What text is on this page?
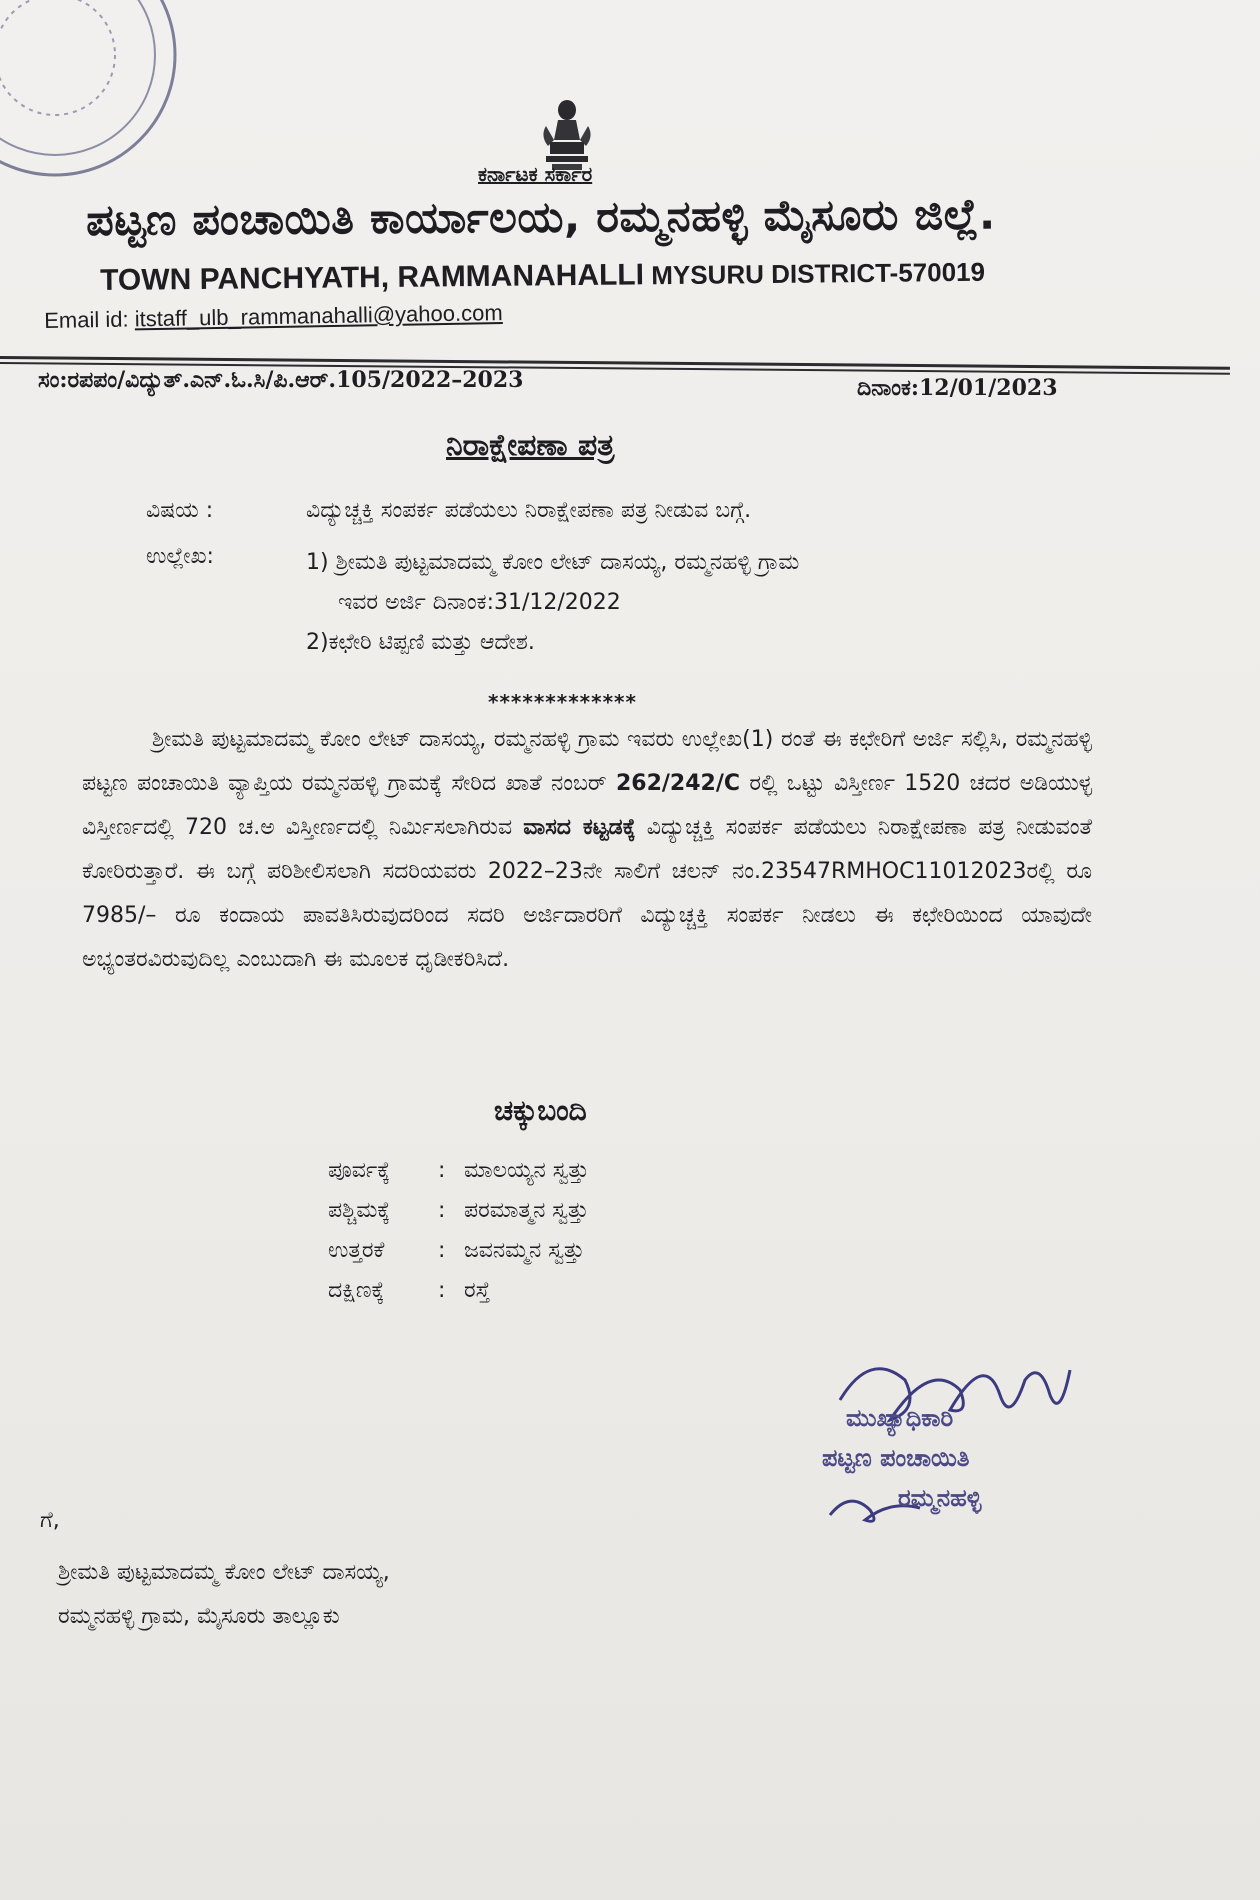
ಕರ್ನಾಟಕ ಸರ್ಕಾರ
ಪಟ್ಟಣ ಪಂಚಾಯಿತಿ ಕಾರ್ಯಾಲಯ, ರಮ್ಮನಹಳ್ಳಿ ಮೈಸೂರು ಜಿಲ್ಲೆ.
TOWN PANCHYATH, RAMMANAHALLI MYSURU DISTRICT-570019
Email id: itstaff_ulb_rammanahalli@yahoo.com
ಸಂ:ರಪಪಂ/ವಿದ್ಯುತ್.ಎನ್.ಓ.ಸಿ/ಪಿ.ಆರ್.105/2022–2023	ದಿನಾಂಕ:12/01/2023
ನಿರಾಕ್ಷೇಪಣಾ ಪತ್ರ
ವಿಷಯ :	ವಿದ್ಯುಚ್ಚಕ್ತಿ ಸಂಪರ್ಕ ಪಡೆಯಲು ನಿರಾಕ್ಷೇಪಣಾ ಪತ್ರ ನೀಡುವ ಬಗ್ಗೆ.
ಉಲ್ಲೇಖ:	1) ಶ್ರೀಮತಿ ಪುಟ್ಟಮಾದಮ್ಮ ಕೋಂ ಲೇಟ್ ದಾಸಯ್ಯ, ರಮ್ಮನಹಳ್ಳಿ ಗ್ರಾಮ
ಇವರ ಅರ್ಜಿ ದಿನಾಂಕ:31/12/2022
2)ಕಛೇರಿ ಟಿಪ್ಪಣಿ ಮತ್ತು ಆದೇಶ.
*************
ಶ್ರೀಮತಿ ಪುಟ್ಟಮಾದಮ್ಮ ಕೋಂ ಲೇಟ್ ದಾಸಯ್ಯ, ರಮ್ಮನಹಳ್ಳಿ ಗ್ರಾಮ ಇವರು ಉಲ್ಲೇಖ(1) ರಂತೆ ಈ ಕಛೇರಿಗೆ ಅರ್ಜಿ ಸಲ್ಲಿಸಿ, ರಮ್ಮನಹಳ್ಳಿ ಪಟ್ಟಣ ಪಂಚಾಯಿತಿ ವ್ಯಾಪ್ತಿಯ ರಮ್ಮನಹಳ್ಳಿ ಗ್ರಾಮಕ್ಕೆ ಸೇರಿದ ಖಾತೆ ನಂಬರ್ 262/242/C ರಲ್ಲಿ ಒಟ್ಟು ವಿಸ್ತೀರ್ಣ 1520 ಚದರ ಅಡಿಯುಳ್ಳ ವಿಸ್ತೀರ್ಣದಲ್ಲಿ 720 ಚ.ಅ ವಿಸ್ತೀರ್ಣದಲ್ಲಿ ನಿರ್ಮಿಸಲಾಗಿರುವ ವಾಸದ ಕಟ್ಟಡಕ್ಕೆ ವಿದ್ಯುಚ್ಚಕ್ತಿ ಸಂಪರ್ಕ ಪಡೆಯಲು ನಿರಾಕ್ಷೇಪಣಾ ಪತ್ರ ನೀಡುವಂತೆ ಕೋರಿರುತ್ತಾರೆ. ಈ ಬಗ್ಗೆ ಪರಿಶೀಲಿಸಲಾಗಿ ಸದರಿಯವರು 2022–23ನೇ ಸಾಲಿಗೆ ಚಲನ್ ನಂ.23547RMHOC11012023ರಲ್ಲಿ ರೂ 7985/– ರೂ ಕಂದಾಯ ಪಾವತಿಸಿರುವುದರಿಂದ ಸದರಿ ಅರ್ಜಿದಾರರಿಗೆ ವಿದ್ಯುಚ್ಚಕ್ತಿ ಸಂಪರ್ಕ ನೀಡಲು ಈ ಕಛೇರಿಯಿಂದ ಯಾವುದೇ ಅಭ್ಯಂತರವಿರುವುದಿಲ್ಲ ಎಂಬುದಾಗಿ ಈ ಮೂಲಕ ಧೃಡೀಕರಿಸಿದೆ.
ಚಕ್ಕುಬಂದಿ
ಪೂರ್ವಕ್ಕೆ : ಮಾಲಯ್ಯನ ಸ್ವತ್ತು
ಪಶ್ಚಿಮಕ್ಕೆ : ಪರಮಾತ್ಮನ ಸ್ವತ್ತು
ಉತ್ತರಕೆ : ಜವನಮ್ಮನ ಸ್ವತ್ತು
ದಕ್ಷಿಣಕ್ಕೆ : ರಸ್ತೆ
ಮುಖ್ಯಾಧಿಕಾರಿ
ಪಟ್ಟಣ ಪಂಚಾಯಿತಿ
ರಮ್ಮನಹಳ್ಳಿ
ಗೆ,
ಶ್ರೀಮತಿ ಪುಟ್ಟಮಾದಮ್ಮ ಕೋಂ ಲೇಟ್ ದಾಸಯ್ಯ,
ರಮ್ಮನಹಳ್ಳಿ ಗ್ರಾಮ, ಮೈಸೂರು ತಾಲ್ಲೂಕು
